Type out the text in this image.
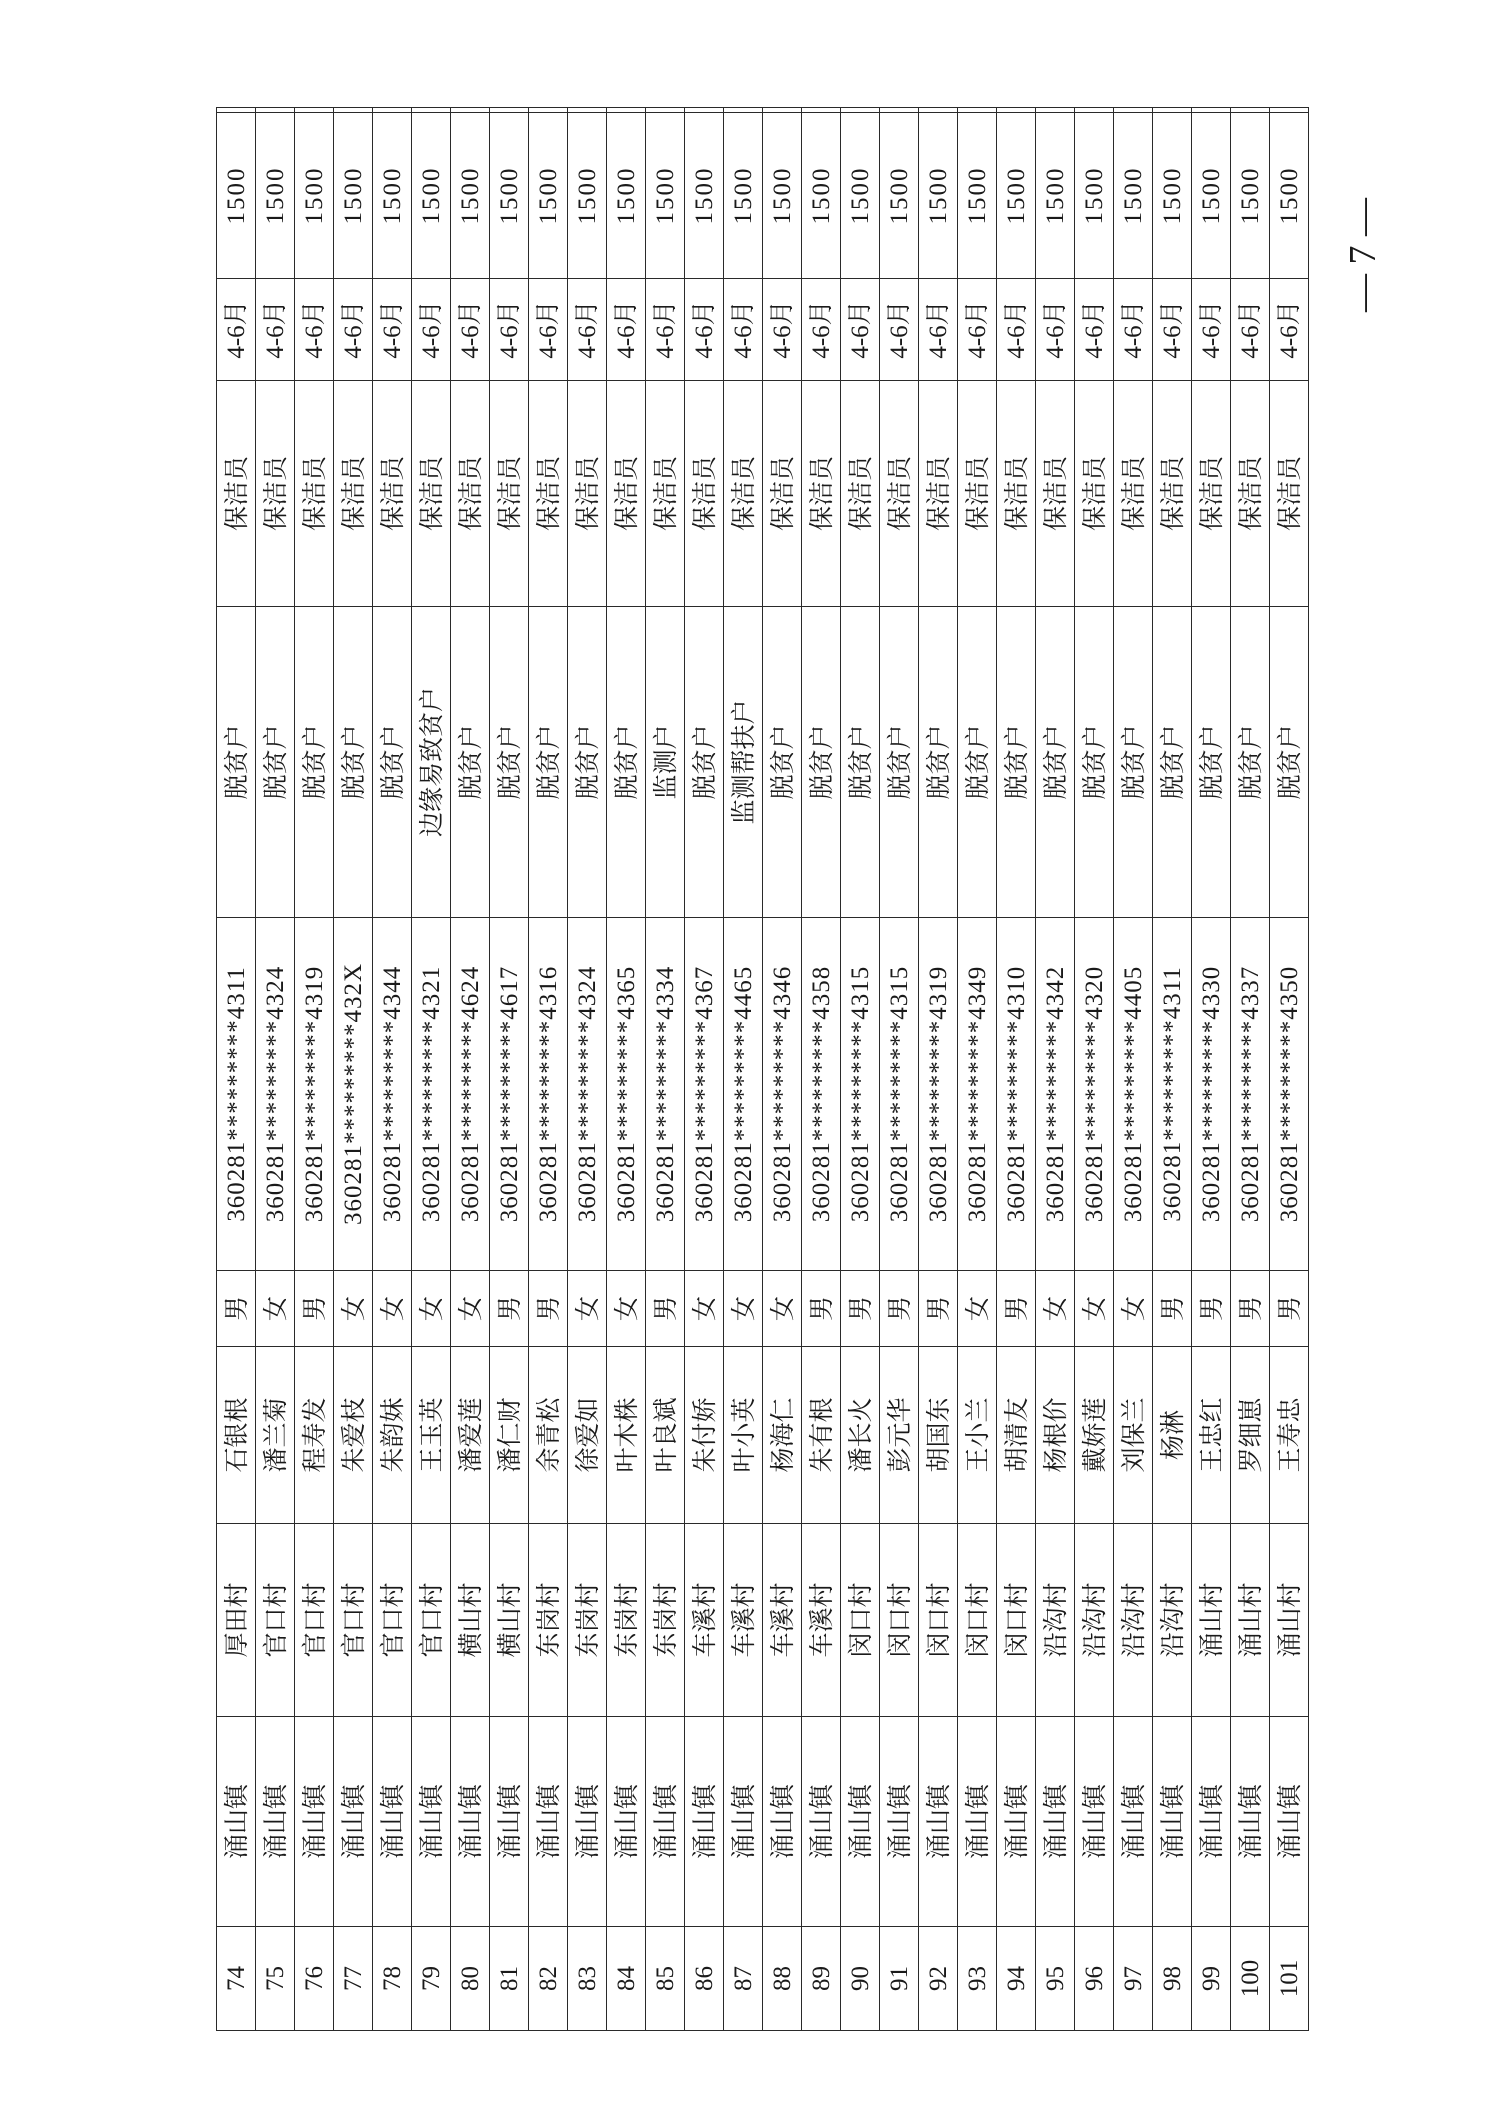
74	涌山镇	厚田村	石银根	男	360281*********4311	脱贫户	保洁员	4-6月	1500	
75	涌山镇	官口村	潘兰菊	女	360281*********4324	脱贫户	保洁员	4-6月	1500	
76	涌山镇	官口村	程寿发	男	360281*********4319	脱贫户	保洁员	4-6月	1500	
77	涌山镇	官口村	朱爱枝	女	360281*********432X	脱贫户	保洁员	4-6月	1500	
78	涌山镇	官口村	朱韵妹	女	360281*********4344	脱贫户	保洁员	4-6月	1500	
79	涌山镇	官口村	王玉英	女	360281*********4321	边缘易致贫户	保洁员	4-6月	1500	
80	涌山镇	横山村	潘爱莲	女	360281*********4624	脱贫户	保洁员	4-6月	1500	
81	涌山镇	横山村	潘仁财	男	360281*********4617	脱贫户	保洁员	4-6月	1500	
82	涌山镇	东岗村	余青松	男	360281*********4316	脱贫户	保洁员	4-6月	1500	
83	涌山镇	东岗村	徐爱如	女	360281*********4324	脱贫户	保洁员	4-6月	1500	
84	涌山镇	东岗村	叶木株	女	360281*********4365	脱贫户	保洁员	4-6月	1500	
85	涌山镇	东岗村	叶良斌	男	360281*********4334	监测户	保洁员	4-6月	1500	
86	涌山镇	车溪村	朱付娇	女	360281*********4367	脱贫户	保洁员	4-6月	1500	
87	涌山镇	车溪村	叶小英	女	360281*********4465	监测帮扶户	保洁员	4-6月	1500	
88	涌山镇	车溪村	杨海仁	女	360281*********4346	脱贫户	保洁员	4-6月	1500	
89	涌山镇	车溪村	朱有根	男	360281*********4358	脱贫户	保洁员	4-6月	1500	
90	涌山镇	闵口村	潘长火	男	360281*********4315	脱贫户	保洁员	4-6月	1500	
91	涌山镇	闵口村	彭元华	男	360281*********4315	脱贫户	保洁员	4-6月	1500	
92	涌山镇	闵口村	胡国东	男	360281*********4319	脱贫户	保洁员	4-6月	1500	
93	涌山镇	闵口村	王小兰	女	360281*********4349	脱贫户	保洁员	4-6月	1500	
94	涌山镇	闵口村	胡清友	男	360281*********4310	脱贫户	保洁员	4-6月	1500	
95	涌山镇	沿沟村	杨根价	女	360281*********4342	脱贫户	保洁员	4-6月	1500	
96	涌山镇	沿沟村	戴娇莲	女	360281*********4320	脱贫户	保洁员	4-6月	1500	
97	涌山镇	沿沟村	刘保兰	女	360281*********4405	脱贫户	保洁员	4-6月	1500	
98	涌山镇	沿沟村	杨淋	男	360281*********4311	脱贫户	保洁员	4-6月	1500	
99	涌山镇	涌山村	王忠红	男	360281*********4330	脱贫户	保洁员	4-6月	1500	
100	涌山镇	涌山村	罗细崽	男	360281*********4337	脱贫户	保洁员	4-6月	1500	
101	涌山镇	涌山村	王寿忠	男	360281*********4350	脱贫户	保洁员	4-6月	1500	
— 7 —
